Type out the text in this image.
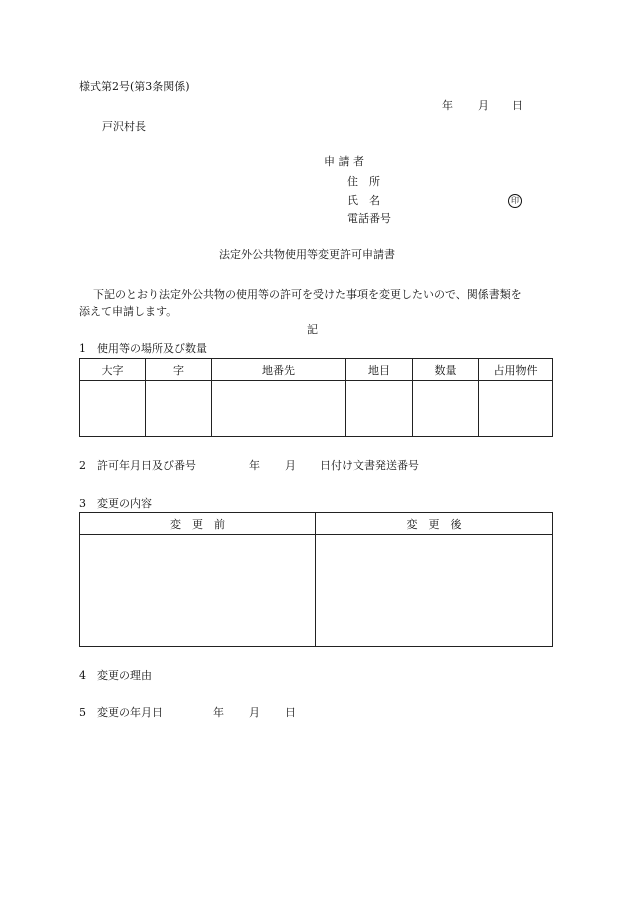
様式第2号(第3条関係)
年 月 日
戸沢村長
申 請 者
住　所
氏　名	印
電話番号
法定外公共物使用等変更許可申請書
下記のとおり法定外公共物の使用等の許可を受けた事項を変更したいので、関係書類を
添えて申請します。
記
1　使用等の場所及び数量
大字	字	地番先	地目	数量	占用物件

2　許可年月日及び番号	年 月 日付け文書発送番号
3　変更の内容
変　更　前	変　更　後

4　変更の理由
5　変更の年月日	年 月 日
